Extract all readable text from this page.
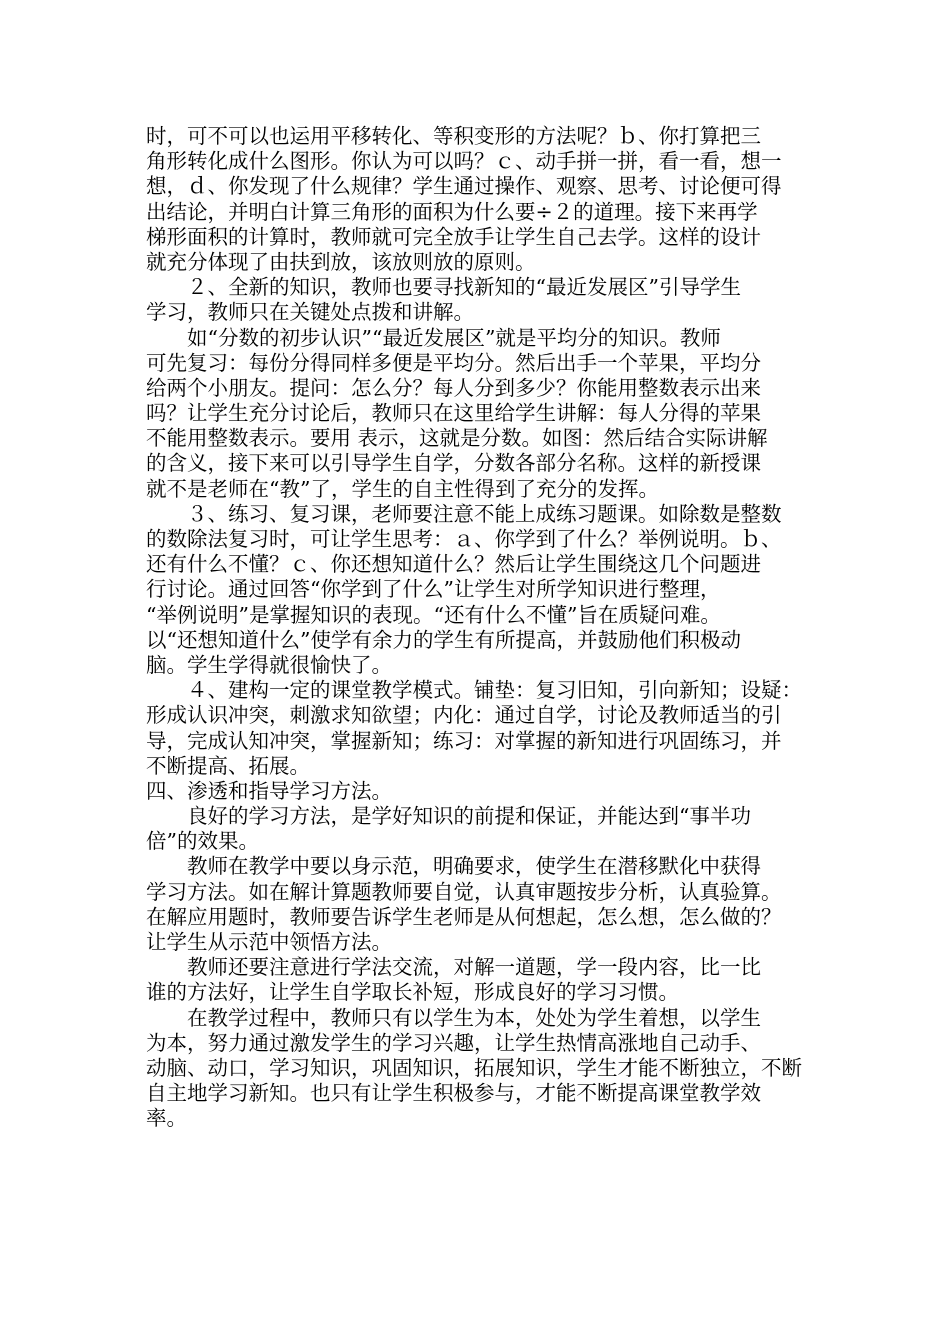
时，可不可以也运用平移转化、等积变形的方法呢？ｂ、你打算把三
角形转化成什么图形。你认为可以吗？ｃ、动手拼一拼，看一看，想一
想，ｄ、你发现了什么规律？学生通过操作、观察、思考、讨论便可得
出结论，并明白计算三角形的面积为什么要÷２的道理。接下来再学
梯形面积的计算时，教师就可完全放手让学生自己去学。这样的设计
就充分体现了由扶到放，该放则放的原则。
　　２、全新的知识，教师也要寻找新知的“最近发展区”引导学生
学习，教师只在关键处点拨和讲解。
　　如“分数的初步认识”“最近发展区”就是平均分的知识。教师
可先复习：每份分得同样多便是平均分。然后出手一个苹果，平均分
给两个小朋友。提问：怎么分？每人分到多少？你能用整数表示出来
吗？让学生充分讨论后，教师只在这里给学生讲解：每人分得的苹果
不能用整数表示。要用 表示，这就是分数。如图：然后结合实际讲解
的含义，接下来可以引导学生自学，分数各部分名称。这样的新授课
就不是老师在“教”了，学生的自主性得到了充分的发挥。
　　３、练习、复习课，老师要注意不能上成练习题课。如除数是整数
的数除法复习时，可让学生思考：ａ、你学到了什么？举例说明。ｂ、
还有什么不懂？ｃ、你还想知道什么？然后让学生围绕这几个问题进
行讨论。通过回答“你学到了什么”让学生对所学知识进行整理，
“举例说明”是掌握知识的表现。“还有什么不懂”旨在质疑问难。
以“还想知道什么”使学有余力的学生有所提高，并鼓励他们积极动
脑。学生学得就很愉快了。
　　４、建构一定的课堂教学模式。铺垫：复习旧知，引向新知；设疑：
形成认识冲突，刺激求知欲望；内化：通过自学，讨论及教师适当的引
导，完成认知冲突，掌握新知；练习：对掌握的新知进行巩固练习，并
不断提高、拓展。
四、渗透和指导学习方法。
　　良好的学习方法，是学好知识的前提和保证，并能达到“事半功
倍”的效果。
　　教师在教学中要以身示范，明确要求，使学生在潜移默化中获得
学习方法。如在解计算题教师要自觉，认真审题按步分析，认真验算。
在解应用题时，教师要告诉学生老师是从何想起，怎么想，怎么做的？
让学生从示范中领悟方法。
　　教师还要注意进行学法交流，对解一道题，学一段内容，比一比
谁的方法好，让学生自学取长补短，形成良好的学习习惯。
　　在教学过程中，教师只有以学生为本，处处为学生着想，以学生
为本，努力通过激发学生的学习兴趣，让学生热情高涨地自己动手、
动脑、动口，学习知识，巩固知识，拓展知识，学生才能不断独立，不断
自主地学习新知。也只有让学生积极参与，才能不断提高课堂教学效
率。
